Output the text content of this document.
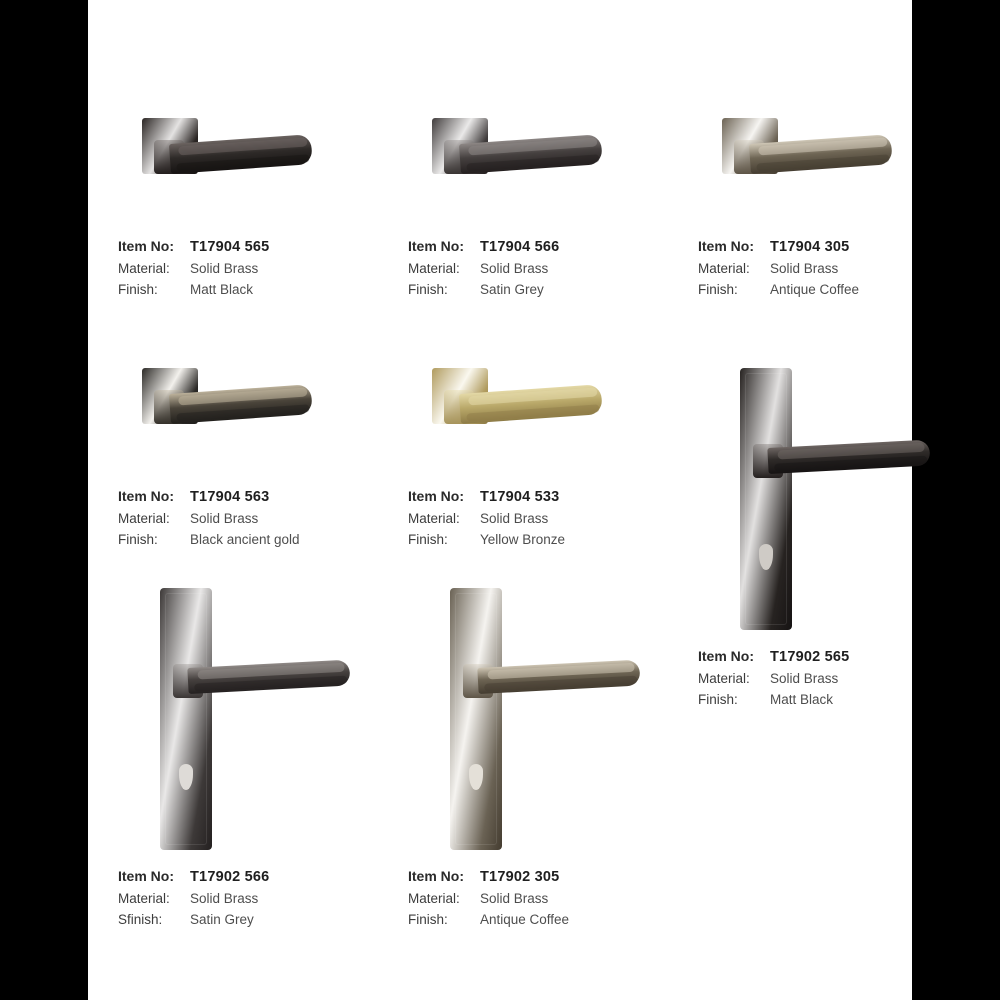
Item No:	T17904 565
Material:	Solid Brass
Finish:	Matt Black
Item No:	T17904 566
Material:	Solid Brass
Finish:	Satin Grey
Item No:	T17904 305
Material:	Solid Brass
Finish:	Antique Coffee
Item No:	T17904 563
Material:	Solid Brass
Finish:	Black ancient gold
Item No:	T17904 533
Material:	Solid Brass
Finish:	Yellow Bronze
Item No:	T17902 565
Material:	Solid Brass
Finish:	Matt Black
Item No:	T17902 566
Material:	Solid Brass
Sfinish:	Satin Grey
Item No:	T17902 305
Material:	Solid Brass
Finish:	Antique Coffee
